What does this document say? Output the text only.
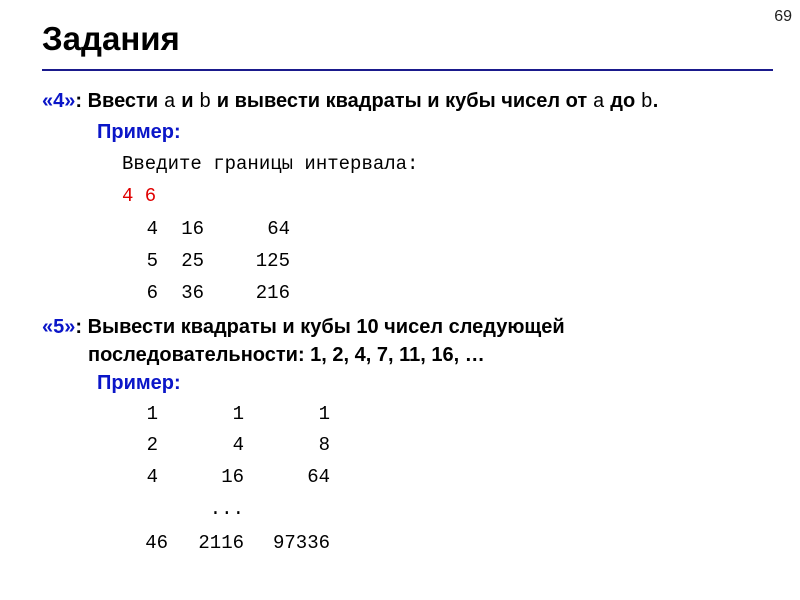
69
Задания
«4»: Ввести a и b и вывести квадраты и кубы чисел от a до b.
Пример:
Введите границы интервала:
4 6
4	16	64
5	25	125
6	36	216
«5»: Вывести квадраты и кубы 10 чисел следующей
последовательности: 1, 2, 4, 7, 11, 16, …
Пример:
1	1	1
2	4	8
4	16	64
...
46	2116	97336
